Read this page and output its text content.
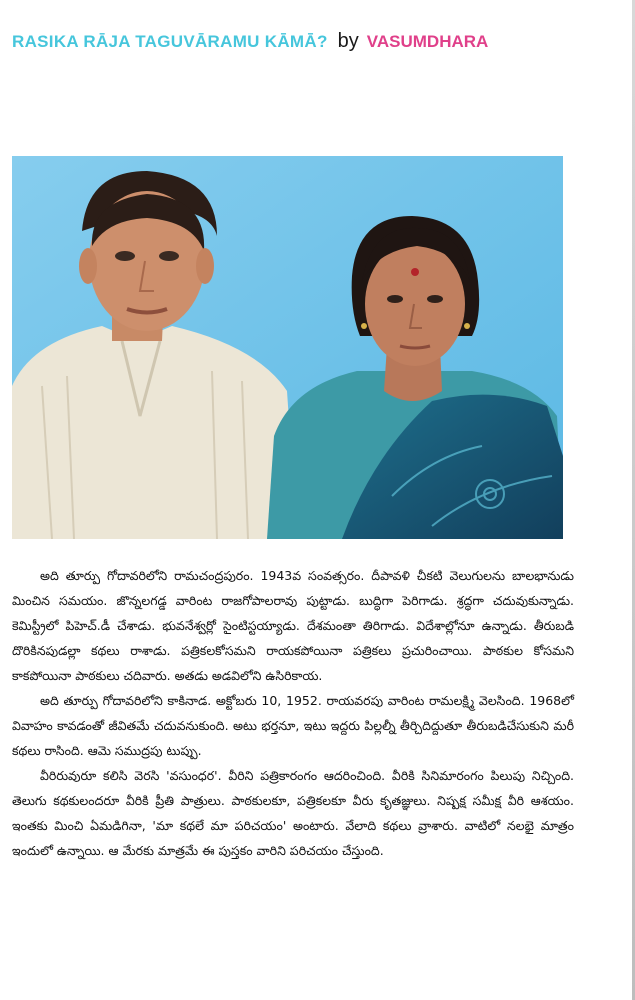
RASIKA RĀJA TAGUVĀRAMU KĀMĀ? by VASUMDHARA

అది తూర్పు గోదావరిలోని రామచంద్రపురం. 1943వ సంవత్సరం. దీపావళి చీకటి వెలుగులను బాలభానుడు మించిన సమయం. జొన్నలగడ్డ వారింట రాజగోపాలరావు పుట్టాడు. బుద్ధిగా పెరిగాడు. శ్రద్ధగా చదువుకున్నాడు. కెమిస్ట్రీలో పిహెచ్.డీ చేశాడు. భువనేశ్వర్లో సైంటిస్టయ్యాడు. దేశమంతా తిరిగాడు. విదేశాల్లోనూ ఉన్నాడు. తీరుబడి దొరికినపుడల్లా కథలు రాశాడు. పత్రికలకోసమని రాయకపోయినా పత్రికలు ప్రచురించాయి. పాఠకుల కోసమని కాకపోయినా పాఠకులు చదివారు. అతడు అడవిలోని ఉసిరికాయ.

అది తూర్పు గోదావరిలోని కాకినాడ. అక్టోబరు 10, 1952. రాయవరపు వారింట రామలక్ష్మి వెలసింది. 1968లో వివాహం కావడంతో జీవితమే చదువనుకుంది. అటు భర్తనూ, ఇటు ఇద్దరు పిల్లల్నీ తీర్చిదిద్దుతూ తీరుబడిచేసుకుని మరీ కథలు రాసింది. ఆమె సముద్రపు టుప్పు.

వీరిరువురూ కలిసి వెరసి 'వసుంధర'. వీరిని పత్రికారంగం ఆదరించింది. వీరికి సినిమారంగం పిలుపు నిచ్చింది. తెలుగు కథకులందరూ వీరికి ప్రీతి పాత్రులు. పాఠకులకూ, పత్రికలకూ వీరు కృతజ్ఞులు. నిష్పక్ష సమీక్ష వీరి ఆశయం. ఇంతకు మించి ఏమడిగినా, 'మా కథలే మా పరిచయం' అంటారు. వేలాది కథలు వ్రాశారు. వాటిలో నలభై మాత్రం ఇందులో ఉన్నాయి. ఆ మేరకు మాత్రమే ఈ పుస్తకం వారిని పరిచయం చేస్తుంది.
